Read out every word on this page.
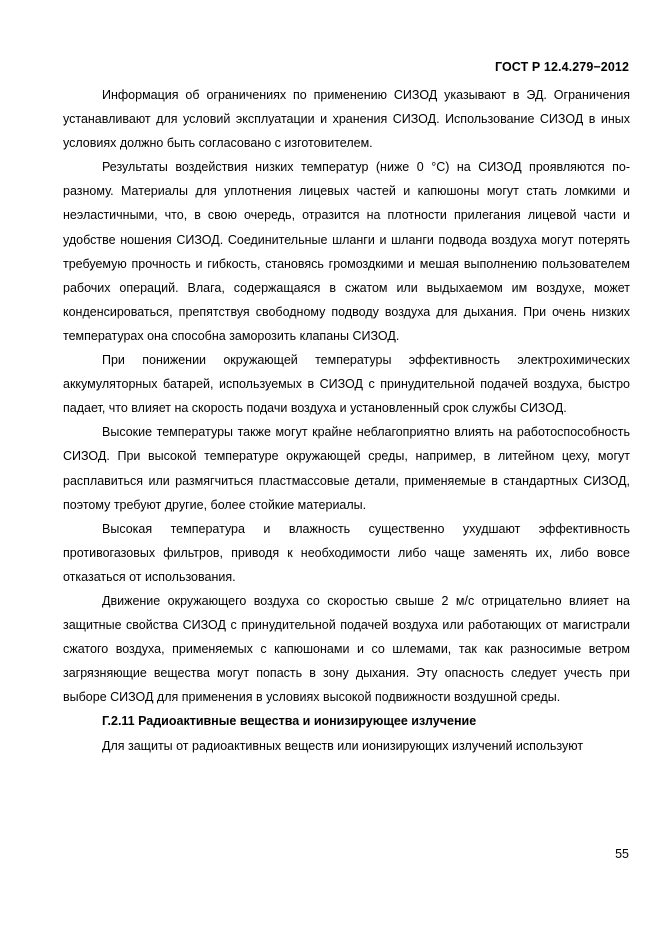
ГОСТ Р 12.4.279−2012

Информация об ограничениях по применению СИЗОД указывают в ЭД. Ограничения устанавливают для условий эксплуатации и хранения СИЗОД. Использование СИЗОД в иных условиях должно быть согласовано с изготовителем.

Результаты воздействия низких температур (ниже 0 °С) на СИЗОД проявляются по-разному. Материалы для уплотнения лицевых частей и капюшоны могут стать ломкими и неэластичными, что, в свою очередь, отразится на плотности прилегания лицевой части и удобстве ношения СИЗОД. Соединительные шланги и шланги подвода воздуха могут потерять требуемую прочность и гибкость, становясь громоздкими и мешая выполнению пользователем рабочих операций. Влага, содержащаяся в сжатом или выдыхаемом им воздухе, может конденсироваться, препятствуя свободному подводу воздуха для дыхания. При очень низких температурах она способна заморозить клапаны СИЗОД.

При понижении окружающей температуры эффективность электрохимических аккумуляторных батарей, используемых в СИЗОД с принудительной подачей воздуха, быстро падает, что влияет на скорость подачи воздуха и установленный срок службы СИЗОД.

Высокие температуры также могут крайне неблагоприятно влиять на работоспособность СИЗОД. При высокой температуре окружающей среды, например, в литейном цеху, могут расплавиться или размягчиться пластмассовые детали, применяемые в стандартных СИЗОД, поэтому требуют другие, более стойкие материалы.

Высокая температура и влажность существенно ухудшают эффективность противогазовых фильтров, приводя к необходимости либо чаще заменять их, либо вовсе отказаться от использования.

Движение окружающего воздуха со скоростью свыше 2 м/с отрицательно влияет на защитные свойства СИЗОД с принудительной подачей воздуха или работающих от магистрали сжатого воздуха, применяемых с капюшонами и со шлемами, так как разносимые ветром загрязняющие вещества могут попасть в зону дыхания. Эту опасность следует учесть при выборе СИЗОД для применения в условиях высокой подвижности воздушной среды.

Г.2.11 Радиоактивные вещества и ионизирующее излучение

Для защиты от радиоактивных веществ или ионизирующих излучений используют

55
